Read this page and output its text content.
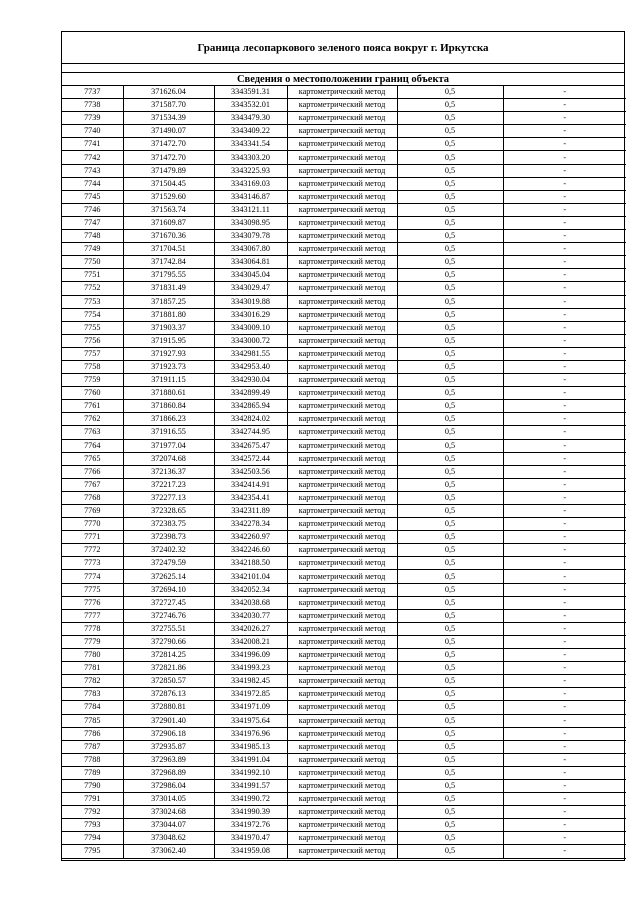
Граница лесопаркового зеленого пояса вокруг г. Иркутска
Сведения о местоположении границ объекта
7737	371626.04	3343591.31	картометрический метод	0,5	-
7738	371587.70	3343532.01	картометрический метод	0,5	-
7739	371534.39	3343479.30	картометрический метод	0,5	-
7740	371490.07	3343409.22	картометрический метод	0,5	-
7741	371472.70	3343341.54	картометрический метод	0,5	-
7742	371472.70	3343303.20	картометрический метод	0,5	-
7743	371479.89	3343225.93	картометрический метод	0,5	-
7744	371504.45	3343169.03	картометрический метод	0,5	-
7745	371529.60	3343146.87	картометрический метод	0,5	-
7746	371563.74	3343121.11	картометрический метод	0,5	-
7747	371609.87	3343098.95	картометрический метод	0,5	-
7748	371670.36	3343079.78	картометрический метод	0,5	-
7749	371704.51	3343067.80	картометрический метод	0,5	-
7750	371742.84	3343064.81	картометрический метод	0,5	-
7751	371795.55	3343045.04	картометрический метод	0,5	-
7752	371831.49	3343029.47	картометрический метод	0,5	-
7753	371857.25	3343019.88	картометрический метод	0,5	-
7754	371881.80	3343016.29	картометрический метод	0,5	-
7755	371903.37	3343009.10	картометрический метод	0,5	-
7756	371915.95	3343000.72	картометрический метод	0,5	-
7757	371927.93	3342981.55	картометрический метод	0,5	-
7758	371923.73	3342953.40	картометрический метод	0,5	-
7759	371911.15	3342930.04	картометрический метод	0,5	-
7760	371880.61	3342899.49	картометрический метод	0,5	-
7761	371860.84	3342865.94	картометрический метод	0,5	-
7762	371866.23	3342824.02	картометрический метод	0,5	-
7763	371916.55	3342744.95	картометрический метод	0,5	-
7764	371977.04	3342675.47	картометрический метод	0,5	-
7765	372074.68	3342572.44	картометрический метод	0,5	-
7766	372136.37	3342503.56	картометрический метод	0,5	-
7767	372217.23	3342414.91	картометрический метод	0,5	-
7768	372277.13	3342354.41	картометрический метод	0,5	-
7769	372328.65	3342311.89	картометрический метод	0,5	-
7770	372383.75	3342278.34	картометрический метод	0,5	-
7771	372398.73	3342260.97	картометрический метод	0,5	-
7772	372402.32	3342246.60	картометрический метод	0,5	-
7773	372479.59	3342188.50	картометрический метод	0,5	-
7774	372625.14	3342101.04	картометрический метод	0,5	-
7775	372694.10	3342052.34	картометрический метод	0,5	-
7776	372727.45	3342038.68	картометрический метод	0,5	-
7777	372746.76	3342030.77	картометрический метод	0,5	-
7778	372755.51	3342026.27	картометрический метод	0,5	-
7779	372790.66	3342008.21	картометрический метод	0,5	-
7780	372814.25	3341996.09	картометрический метод	0,5	-
7781	372821.86	3341993.23	картометрический метод	0,5	-
7782	372850.57	3341982.45	картометрический метод	0,5	-
7783	372876.13	3341972.85	картометрический метод	0,5	-
7784	372880.81	3341971.09	картометрический метод	0,5	-
7785	372901.40	3341975.64	картометрический метод	0,5	-
7786	372906.18	3341976.96	картометрический метод	0,5	-
7787	372935.87	3341985.13	картометрический метод	0,5	-
7788	372963.89	3341991.04	картометрический метод	0,5	-
7789	372968.89	3341992.10	картометрический метод	0,5	-
7790	372986.04	3341991.57	картометрический метод	0,5	-
7791	373014.05	3341990.72	картометрический метод	0,5	-
7792	373024.68	3341990.39	картометрический метод	0,5	-
7793	373044.07	3341972.76	картометрический метод	0,5	-
7794	373048.62	3341970.47	картометрический метод	0,5	-
7795	373062.40	3341959.08	картометрический метод	0,5	-
